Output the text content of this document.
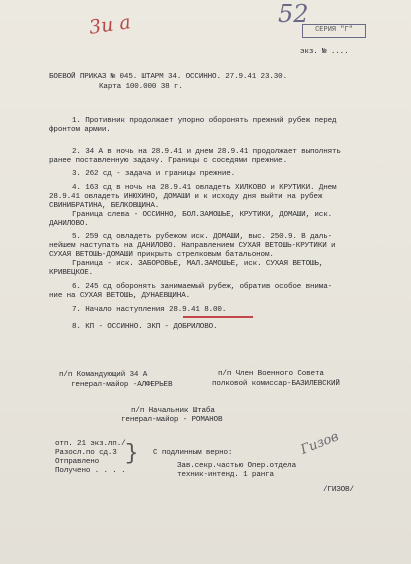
52
3и а	СЕРИЯ "Г"
экз. № ....
БОЕВОЙ ПРИКАЗ № 045. ШТАРМ 34. ОССИННО. 27.9.41 23.30.
Карта 100.000 38 г.
1. Противник продолжает упорно оборонять прежний рубеж перед
фронтом армии.
2. 34 А в ночь на 28.9.41 и днем 28.9.41 продолжает выполнять
ранее поставленную задачу. Границы с соседями прежние.
3. 262 сд - задача и границы прежние.
4. 163 сд в ночь на 28.9.41 овладеть ХИЛКОВО и КРУТИКИ. Днем
28.9.41 овладеть ИНЮХИНО, ДОМАШИ и к исходу дня выйти на рубеж
СВИНИБРАТИНА, БЕЛКОВЩИНА.
Граница слева - ОССИННО, БОЛ.ЗАМОШЬЕ, КРУТИКИ, ДОМАШИ, иск.
ДАНИЛОВО.
5. 259 сд овладеть рубежом иск. ДОМАШИ, выс. 250.9. В даль-
нейшем наступать на ДАНИЛОВО. Направлением СУХАЯ ВЕТОШЬ-КРУТИКИ и
СУХАЯ ВЕТОШЬ-ДОМАШИ прикрыть стрелковым батальоном.
Граница - иск. ЗАБОРОВЬЕ, МАЛ.ЗАМОШЬЕ, иск. СУХАЯ ВЕТОШЬ,
КРИВЕЦКОЕ.
6. 245 сд оборонять занимаемый рубеж, обратив особое внима-
ние на СУХАЯ ВЕТОШЬ, ДУНАЕВЩИНА.
7. Начало наступления 28.9.41 8.00.
8. КП - ОССИННО. ЗКП - ДОБРИЛОВО.
п/п Командующий 34 А
генерал-майор -АЛФЕРЬЕВ
п/п Член Военного Совета
полковой комиссар-БАЗИЛЕВСКИЙ
п/п Начальник Штаба
генерал-майор - РОМАНОВ
отп. 21 экз.лп./
Разосл.по сд.3
Отправлено
Получено . . . .
} С подлинным верно:
Зав.секр.частью Опер.отдела
техник-интенд. 1 ранга
Гизов
/ГИЗОВ/
